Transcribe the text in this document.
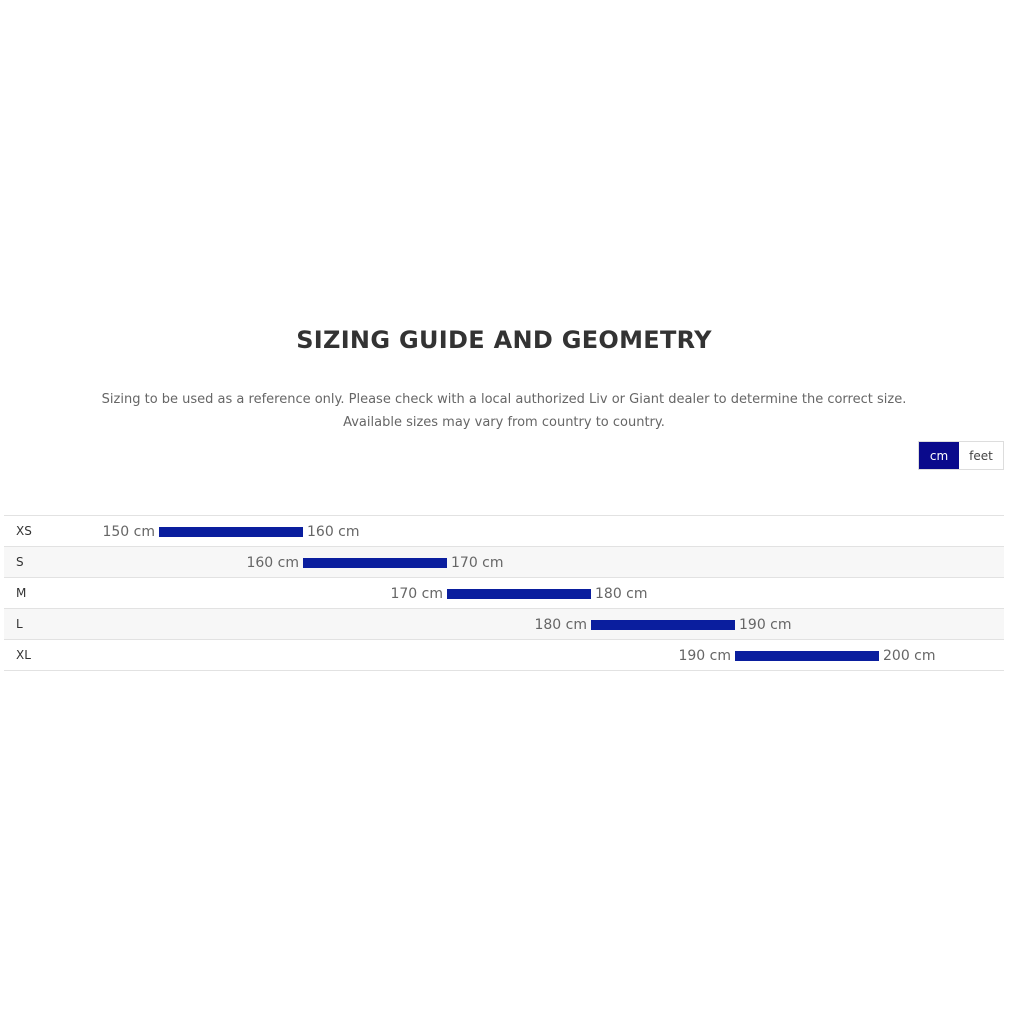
SIZING GUIDE AND GEOMETRY

Sizing to be used as a reference only. Please check with a local authorized Liv or Giant dealer to determine the correct size.

Available sizes may vary from country to country.

cm	feet
XS	150 cm	160 cm
S	160 cm	170 cm
M	170 cm	180 cm
L	180 cm	190 cm
XL	190 cm	200 cm
